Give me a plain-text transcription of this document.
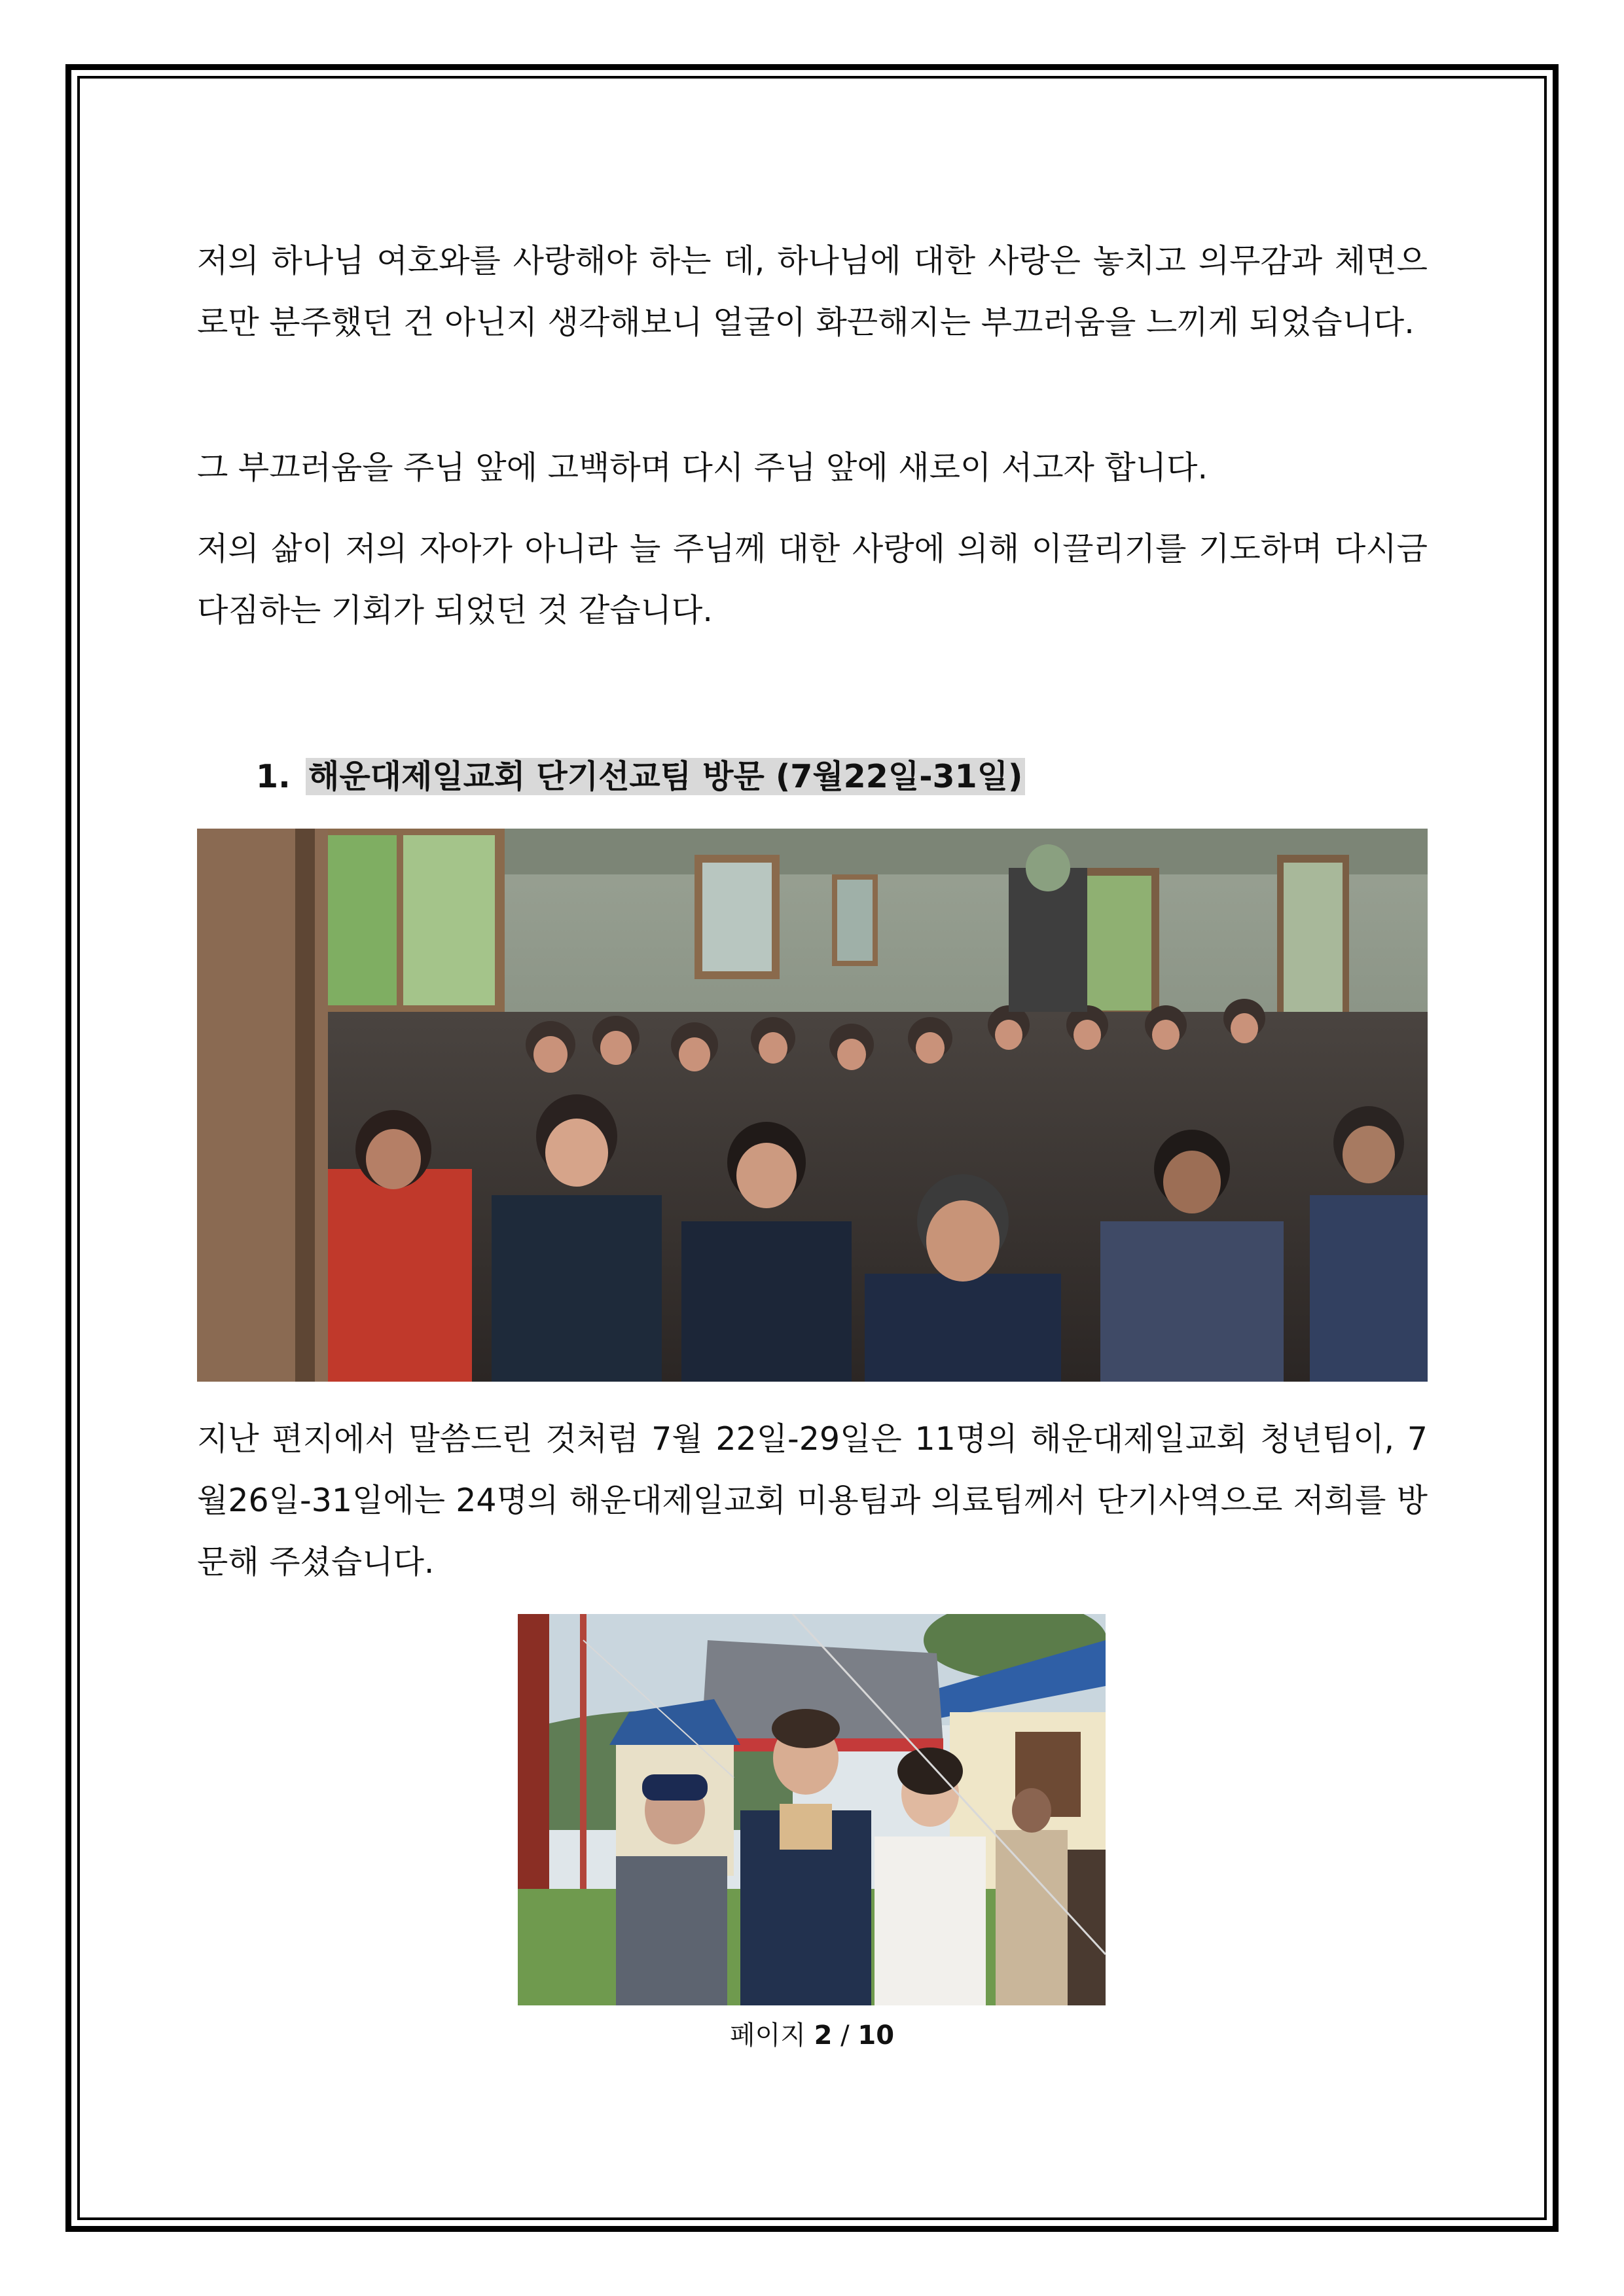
저의 하나님 여호와를 사랑해야 하는 데, 하나님에 대한 사랑은 놓치고 의무감과 체면으로만 분주했던 건 아닌지 생각해보니 얼굴이 화끈해지는 부끄러움을 느끼게 되었습니다.

그 부끄러움을 주님 앞에 고백하며 다시 주님 앞에 새로이 서고자 합니다.

저의 삶이 저의 자아가 아니라 늘 주님께 대한 사랑에 의해 이끌리기를 기도하며 다시금 다짐하는 기회가 되었던 것 같습니다.

1. 해운대제일교회 단기선교팀 방문 (7월22일-31일)

지난 편지에서 말씀드린 것처럼 7월 22일-29일은 11명의 해운대제일교회 청년팀이, 7월26일-31일에는 24명의 해운대제일교회 미용팀과 의료팀께서 단기사역으로 저희를 방문해 주셨습니다.

페이지 2 / 10
